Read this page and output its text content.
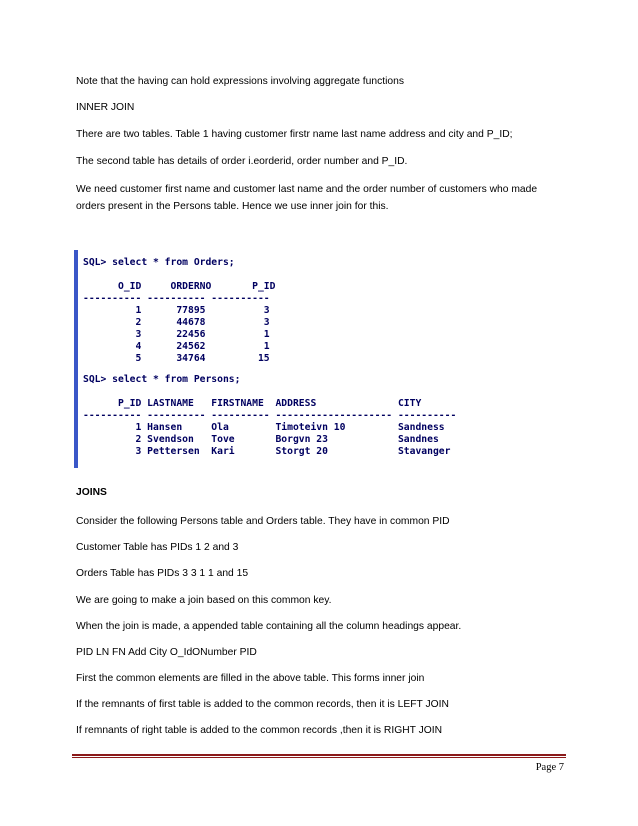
Note that the having can hold expressions involving aggregate functions

INNER JOIN

There are two tables. Table 1 having customer firstr name last name address and city and P_ID;

The second table has details of order i.eorderid, order number and P_ID.

We need customer first name and customer last name and the order number of customers who made orders present in the Persons table. Hence we use inner join for this.

SQL> select * from Orders;
O_ID     ORDERNO       P_ID
---------- ---------- ----------
1      77895          3
2      44678          3
3      22456          1
4      24562          1
5      34764         15
SQL> select * from Persons;
P_ID LASTNAME   FIRSTNAME  ADDRESS              CITY
---------- ---------- ---------- -------------------- ----------
1 Hansen     Ola        Timoteivn 10         Sandness
2 Svendson   Tove       Borgvn 23            Sandnes
3 Pettersen  Kari       Storgt 20            Stavanger

JOINS

Consider the following Persons table and Orders table. They have in common PID

Customer Table has PIDs 1 2 and 3

Orders Table has PIDs 3 3 1 1 and 15

We are going to make a join based on this common key.

When the join is made, a appended table containing all the column headings appear.

PID LN FN Add City O_IdONumber PID

First the common elements are filled in the above table. This forms inner join

If the remnants of first table is added to the common records, then it is LEFT JOIN

If remnants of right table is added to the common records ,then it is RIGHT JOIN

Page 7
